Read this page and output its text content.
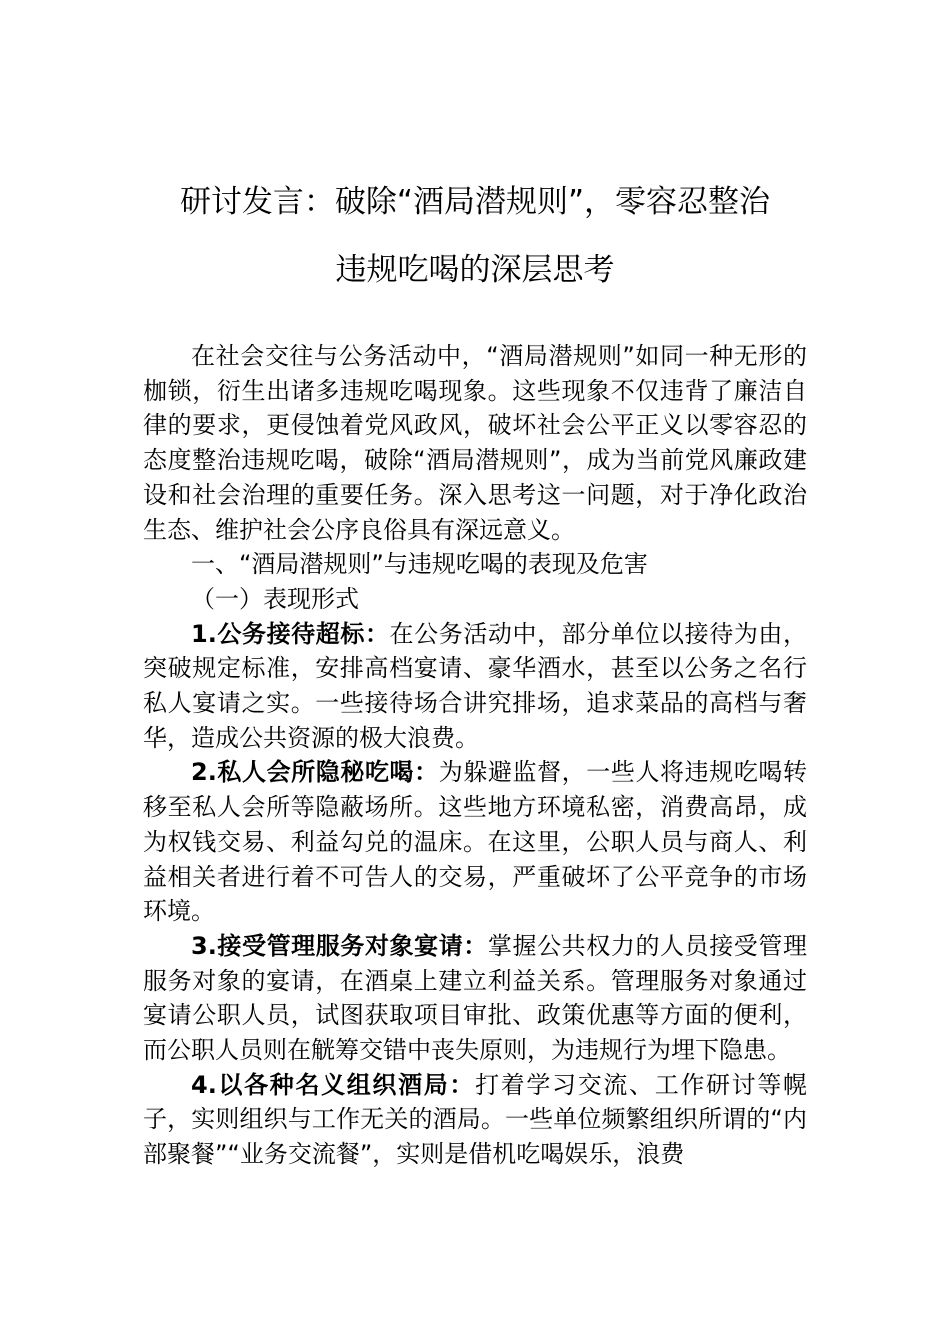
研讨发言：破除“酒局潜规则”，零容忍整治
违规吃喝的深层思考

在社会交往与公务活动中，“酒局潜规则”如同一种无形的枷锁，衍生出诸多违规吃喝现象。这些现象不仅违背了廉洁自律的要求，更侵蚀着党风政风，破坏社会公平正义以零容忍的态度整治违规吃喝，破除“酒局潜规则”，成为当前党风廉政建设和社会治理的重要任务。深入思考这一问题，对于净化政治生态、维护社会公序良俗具有深远意义。

一、“酒局潜规则”与违规吃喝的表现及危害

（一）表现形式

1.公务接待超标：在公务活动中，部分单位以接待为由，突破规定标准，安排高档宴请、豪华酒水，甚至以公务之名行私人宴请之实。一些接待场合讲究排场，追求菜品的高档与奢华，造成公共资源的极大浪费。

2.私人会所隐秘吃喝：为躲避监督，一些人将违规吃喝转移至私人会所等隐蔽场所。这些地方环境私密，消费高昂，成为权钱交易、利益勾兑的温床。在这里，公职人员与商人、利益相关者进行着不可告人的交易，严重破坏了公平竞争的市场环境。

3.接受管理服务对象宴请：掌握公共权力的人员接受管理服务对象的宴请，在酒桌上建立利益关系。管理服务对象通过宴请公职人员，试图获取项目审批、政策优惠等方面的便利，而公职人员则在觥筹交错中丧失原则，为违规行为埋下隐患。

4.以各种名义组织酒局：打着学习交流、工作研讨等幌子，实则组织与工作无关的酒局。一些单位频繁组织所谓的“内部聚餐”“业务交流餐”，实则是借机吃喝娱乐，浪费
